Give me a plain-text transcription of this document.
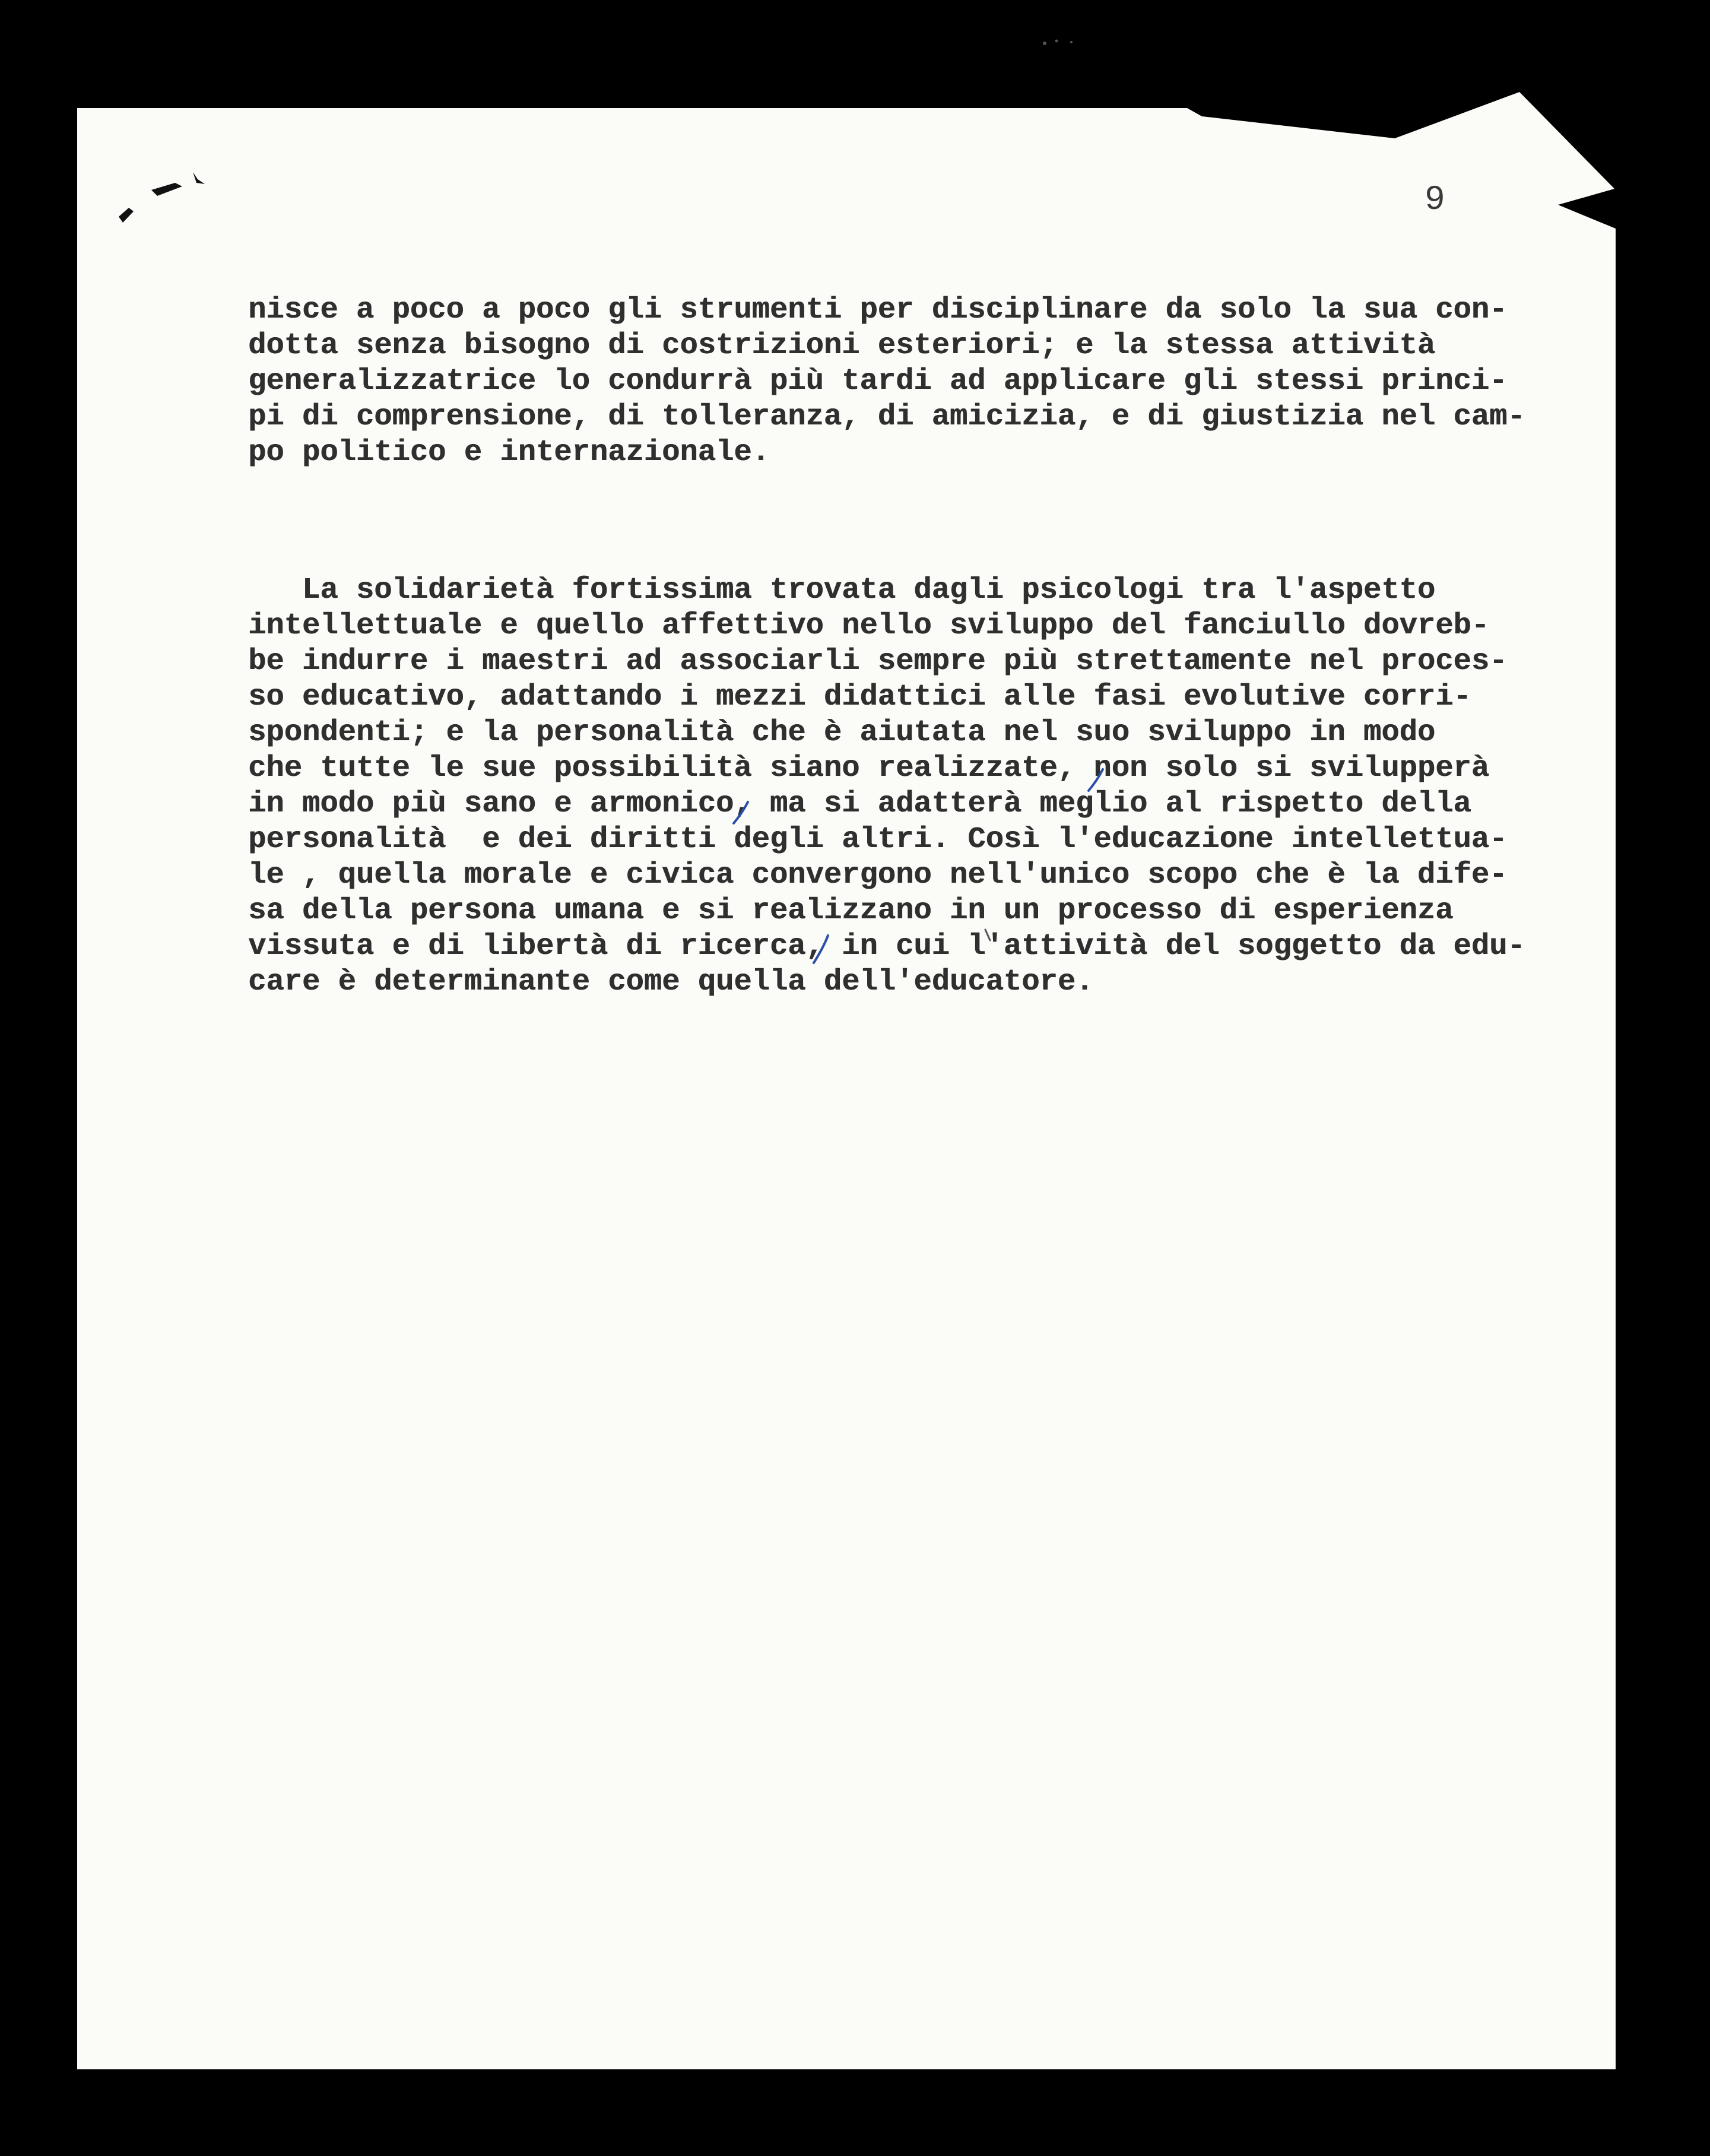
9
nisce a poco a poco gli strumenti per disciplinare da solo la sua con-
dotta senza bisogno di costrizioni esteriori; e la stessa attività
generalizzatrice lo condurrà più tardi ad applicare gli stessi princi-
pi di comprensione, di tolleranza, di amicizia, e di giustizia nel cam-
po politico e internazionale.
La solidarietà fortissima trovata dagli psicologi tra l'aspetto
intellettuale e quello affettivo nello sviluppo del fanciullo dovreb-
be indurre i maestri ad associarli sempre più strettamente nel proces-
so educativo, adattando i mezzi didattici alle fasi evolutive corri-
spondenti; e la personalità che è aiutata nel suo sviluppo in modo
che tutte le sue possibilità siano realizzate, non solo si svilupperà
in modo più sano e armonico, ma si adatterà meglio al rispetto della
personalità  e dei diritti degli altri. Così l'educazione intellettua-
le , quella morale e civica convergono nell'unico scopo che è la dife-
sa della persona umana e si realizzano in un processo di esperienza
vissuta e di libertà di ricerca, in cui l'attività del soggetto da edu-
care è determinante come quella dell'educatore.
